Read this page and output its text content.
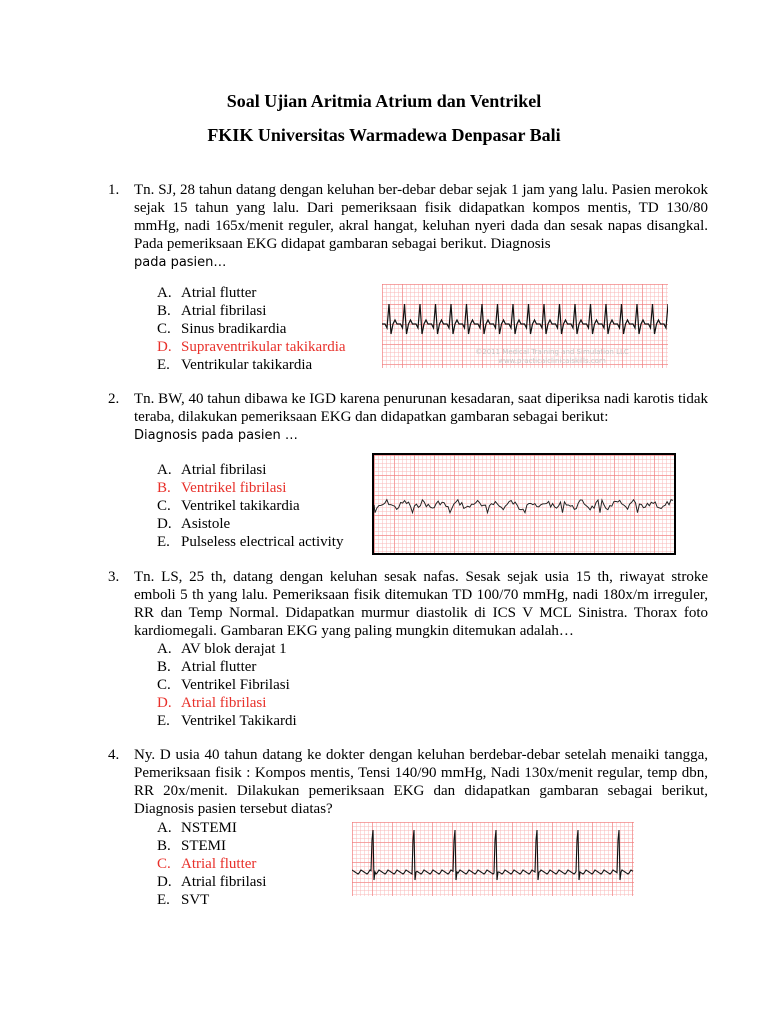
Soal Ujian Aritmia Atrium dan Ventrikel
FKIK Universitas Warmadewa Denpasar Bali
1. Tn. SJ, 28 tahun datang dengan keluhan ber-debar debar sejak 1 jam yang lalu. Pasien merokok sejak 15 tahun yang lalu. Dari pemeriksaan fisik didapatkan kompos mentis, TD 130/80 mmHg, nadi 165x/menit reguler, akral hangat, keluhan nyeri dada dan sesak napas disangkal. Pada pemeriksaan EKG didapat gambaran sebagai berikut. Diagnosis
pada pasien…
A. Atrial flutter
B. Atrial fibrilasi
C. Sinus bradikardia
D. Supraventrikular takikardia
E. Ventrikular takikardia
©2011 Medical Training and Simulation LLC
www.practicalclinicalskills.com
2. Tn. BW, 40 tahun dibawa ke IGD karena penurunan kesadaran, saat diperiksa nadi karotis tidak teraba, dilakukan pemeriksaan EKG dan didapatkan gambaran sebagai berikut:
Diagnosis pada pasien …
A. Atrial fibrilasi
B. Ventrikel fibrilasi
C. Ventrikel takikardia
D. Asistole
E. Pulseless electrical activity
3. Tn. LS, 25 th, datang dengan keluhan sesak nafas. Sesak sejak usia 15 th, riwayat stroke emboli 5 th yang lalu. Pemeriksaan fisik ditemukan TD 100/70 mmHg, nadi 180x/m irreguler, RR dan Temp Normal. Didapatkan murmur diastolik di ICS V MCL Sinistra. Thorax foto kardiomegali. Gambaran EKG yang paling mungkin ditemukan adalah…
A. AV blok derajat 1
B. Atrial flutter
C. Ventrikel Fibrilasi
D. Atrial fibrilasi
E. Ventrikel Takikardi
4. Ny. D usia 40 tahun datang ke dokter dengan keluhan berdebar-debar setelah menaiki tangga, Pemeriksaan fisik : Kompos mentis, Tensi 140/90 mmHg, Nadi 130x/menit regular, temp dbn, RR 20x/menit. Dilakukan pemeriksaan EKG dan didapatkan gambaran sebagai berikut, Diagnosis pasien tersebut diatas?
A. NSTEMI
B. STEMI
C. Atrial flutter
D. Atrial fibrilasi
E. SVT
